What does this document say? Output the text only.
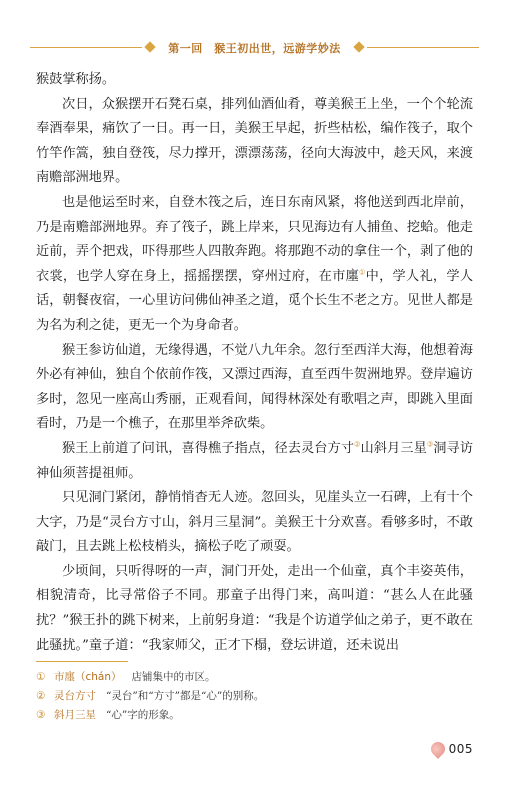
第一回　猴王初出世，远游学妙法

猴鼓掌称扬。

次日，众猴摆开石凳石桌，排列仙酒仙肴，尊美猴王上坐，一个个轮流奉酒奉果，痛饮了一日。再一日，美猴王早起，折些枯松，编作筏子，取个竹竿作篙，独自登筏，尽力撑开，漂漂荡荡，径向大海波中，趁天风，来渡南赡部洲地界。

也是他运至时来，自登木筏之后，连日东南风紧，将他送到西北岸前，乃是南赡部洲地界。弃了筏子，跳上岸来，只见海边有人捕鱼、挖蛤。他走近前，弄个把戏，吓得那些人四散奔跑。将那跑不动的拿住一个，剥了他的衣裳，也学人穿在身上，摇摇摆摆，穿州过府，在市廛①中，学人礼，学人话，朝餐夜宿，一心里访问佛仙神圣之道，觅个长生不老之方。见世人都是为名为利之徒，更无一个为身命者。

猴王参访仙道，无缘得遇，不觉八九年余。忽行至西洋大海，他想着海外必有神仙，独自个依前作筏，又漂过西海，直至西牛贺洲地界。登岸遍访多时，忽见一座高山秀丽，正观看间，闻得林深处有歌唱之声，即跳入里面看时，乃是一个樵子，在那里举斧砍柴。

猴王上前道了问讯，喜得樵子指点，径去灵台方寸②山斜月三星③洞寻访神仙须菩提祖师。

只见洞门紧闭，静悄悄杳无人迹。忽回头，见崖头立一石碑，上有十个大字，乃是“灵台方寸山，斜月三星洞”。美猴王十分欢喜。看够多时，不敢敲门，且去跳上松枝梢头，摘松子吃了顽耍。

少顷间，只听得呀的一声，洞门开处，走出一个仙童，真个丰姿英伟，相貌清奇，比寻常俗子不同。那童子出得门来，高叫道：“甚么人在此骚扰？”猴王扑的跳下树来，上前躬身道：“我是个访道学仙之弟子，更不敢在此骚扰。”童子道：“我家师父，正才下榻，登坛讲道，还未说出

① 市廛（chán） 店铺集中的市区。
② 灵台方寸 “灵台”和“方寸”都是“心”的别称。
③ 斜月三星 “心”字的形象。
005
